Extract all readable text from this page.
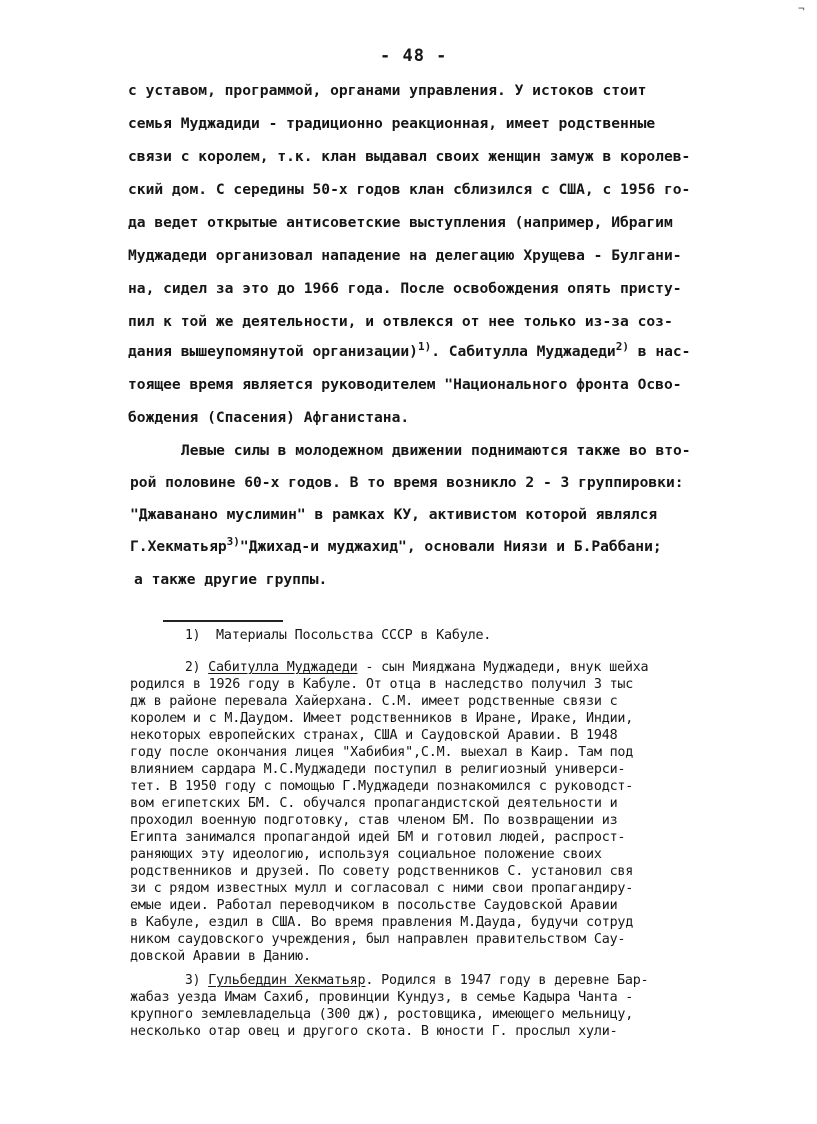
¬
- 48 -
с уставом, программой, органами управления. У истоков стоит
семья Муджадиди - традиционно реакционная, имеет родственные
связи с королем, т.к. клан выдавал своих женщин замуж в королев-
ский дом. С середины 50-х годов клан сблизился с США, с 1956 го-
да ведет открытые антисоветские выступления (например, Ибрагим
Муджадеди организовал нападение на делегацию Хрущева - Булгани-
на, сидел за это до 1966 года. После освобождения опять присту-
пил к той же деятельности, и отвлекся от нее только из-за соз-
дания вышеупомянутой организации)$^{1)}$. Сабитулла Муджадеди$^{2)}$ в нас-
тоящее время является руководителем "Национального фронта Осво-
бождения (Спасения) Афганистана.
Левые силы в молодежном движении поднимаются также во вто-
рой половине 60-х годов. В то время возникло 2 - 3 группировки:
"Джаванано муслимин" в рамках КУ, активистом которой являлся
Г.Хекматьяр$^{3)}$"Джихад-и муджахид", основали Ниязи и Б.Раббани;
а также другие группы.
1) Материалы Посольства СССР в Кабуле.
2) Сабитулла Муджадеди - сын Мияджана Муджадеди, внук шейха
родился в 1926 году в Кабуле. От отца в наследство получил 3 тыс
дж в районе перевала Хайерхана. С.М. имеет родственные связи с
королем и с М.Даудом. Имеет родственников в Иране, Ираке, Индии,
некоторых европейских странах, США и Саудовской Аравии. В 1948
году после окончания лицея "Хабибия",С.М. выехал в Каир. Там под
влиянием сардара М.С.Муджадеди поступил в религиозный универси-
тет. В 1950 году с помощью Г.Муджадеди познакомился с руководст-
вом египетских БМ. С. обучался пропагандистской деятельности и
проходил военную подготовку, став членом БМ. По возвращении из
Египта занимался пропагандой идей БМ и готовил людей, распрост-
раняющих эту идеологию, используя социальное положение своих
родственников и друзей. По совету родственников С. установил свя
зи с рядом известных мулл и согласовал с ними свои пропагандиру-
емые идеи. Работал переводчиком в посольстве Саудовской Аравии
в Кабуле, ездил в США. Во время правления М.Дауда, будучи сотруд
ником саудовского учреждения, был направлен правительством Сау-
довской Аравии в Данию.
3) Гульбеддин Хекматьяр. Родился в 1947 году в деревне Бар-
жабаз уезда Имам Сахиб, провинции Кундуз, в семье Кадыра Чанта -
крупного землевладельца (300 дж), ростовщика, имеющего мельницу,
несколько отар овец и другого скота. В юности Г. прослыл хули-
